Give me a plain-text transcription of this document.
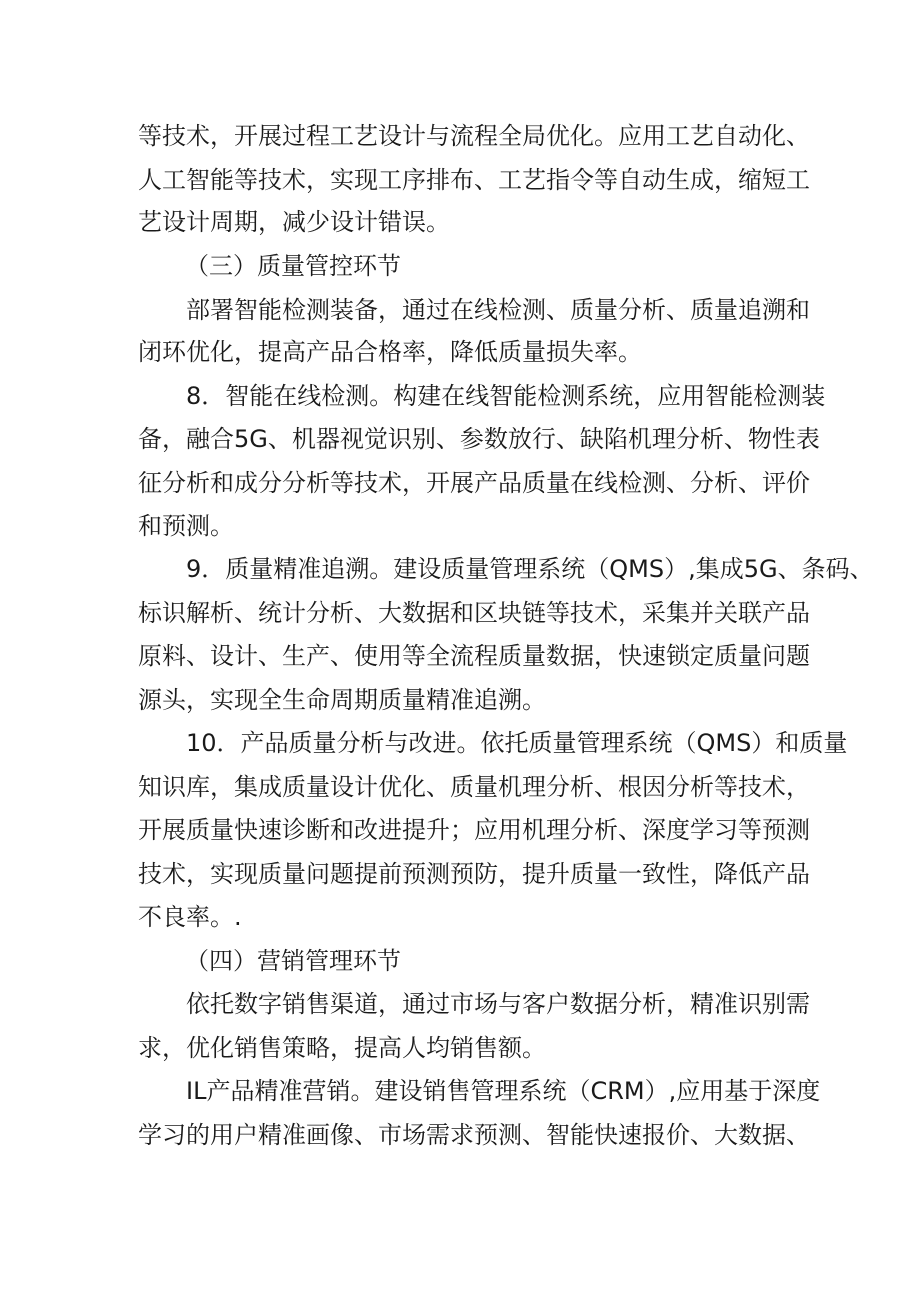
等技术，开展过程工艺设计与流程全局优化。应用工艺自动化、
人工智能等技术，实现工序排布、工艺指令等自动生成，缩短工
艺设计周期，减少设计错误。
（三）质量管控环节
部署智能检测装备，通过在线检测、质量分析、质量追溯和
闭环优化，提高产品合格率，降低质量损失率。
8．智能在线检测。构建在线智能检测系统，应用智能检测装
备，融合5G、机器视觉识别、参数放行、缺陷机理分析、物性表
征分析和成分分析等技术，开展产品质量在线检测、分析、评价
和预测。
9．质量精准追溯。建设质量管理系统（QMS）,集成5G、条码、
标识解析、统计分析、大数据和区块链等技术，采集并关联产品
原料、设计、生产、使用等全流程质量数据，快速锁定质量问题
源头，实现全生命周期质量精准追溯。
10．产品质量分析与改进。依托质量管理系统（QMS）和质量
知识库，集成质量设计优化、质量机理分析、根因分析等技术，
开展质量快速诊断和改进提升；应用机理分析、深度学习等预测
技术，实现质量问题提前预测预防，提升质量一致性，降低产品
不良率。.
（四）营销管理环节
依托数字销售渠道，通过市场与客户数据分析，精准识别需
求，优化销售策略，提高人均销售额。
IL产品精准营销。建设销售管理系统（CRM）,应用基于深度
学习的用户精准画像、市场需求预测、智能快速报价、大数据、
